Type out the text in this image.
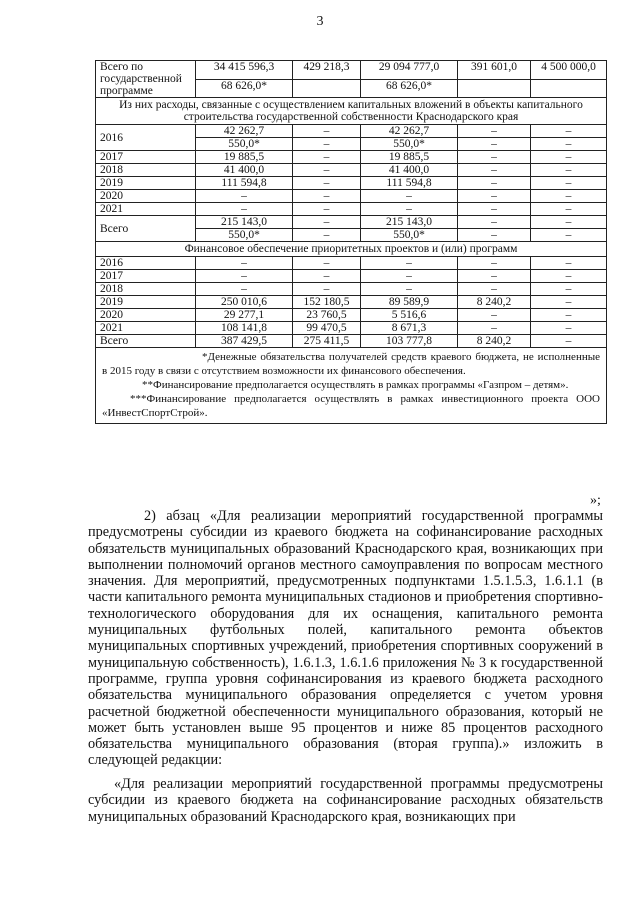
3
Всего по государственной программе	34 415 596,3	429 218,3	29 094 777,0	391 601,0	4 500 000,0
	68 626,0*		68 626,0*		
Из них расходы, связанные с осуществлением капитальных вложений в объекты капитального строительства государственной собственности Краснодарского края					
2016	42 262,7	–	42 262,7	–	–
	550,0*	–	550,0*	–	–
2017	19 885,5	–	19 885,5	–	–
2018	41 400,0	–	41 400,0	–	–
2019	111 594,8	–	111 594,8	–	–
2020	–	–	–	–	–
2021	–	–	–	–	–
Всего	215 143,0	–	215 143,0	–	–
	550,0*	–	550,0*	–	–
Финансовое обеспечение приоритетных проектов и (или) программ					
2016	–	–	–	–	–
2017	–	–	–	–	–
2018	–	–	–	–	–
2019	250 010,6	152 180,5	89 589,9	8 240,2	–
2020	29 277,1	23 760,5	5 516,6	–	–
2021	108 141,8	99 470,5	8 671,3	–	–
Всего	387 429,5	275 411,5	103 777,8	8 240,2	–

*Денежные обязательства получателей средств краевого бюджета, не исполненные в 2015 году в связи с отсутствием возможности их финансового обеспечения.
**Финансирование предполагается осуществлять в рамках программы «Газпром – детям».
***Финансирование предполагается осуществлять в рамках инвестиционного проекта ООО «ИнвестСпортСтрой».					
»;
2) абзац «Для реализации мероприятий государственной программы предусмотрены субсидии из краевого бюджета на софинансирование расходных обязательств муниципальных образований Краснодарского края, возникающих при выполнении полномочий органов местного самоуправления по вопросам местного значения. Для мероприятий, предусмотренных подпунктами 1.5.1.5.3, 1.6.1.1 (в части капитального ремонта муниципальных стадионов и приобретения спортивно-технологического оборудования для их оснащения, капитального ремонта муниципальных футбольных полей, капитального ремонта объектов муниципальных спортивных учреждений, приобретения спортивных сооружений в муниципальную собственность), 1.6.1.3, 1.6.1.6 приложения № 3 к государственной программе, группа уровня софинансирования из краевого бюджета расходного обязательства муниципального образования определяется с учетом уровня расчетной бюджетной обеспеченности муниципального образования, который не может быть установлен выше 95 процентов и ниже 85 процентов расходного обязательства муниципального образования (вторая группа).» изложить в следующей редакции:
«Для реализации мероприятий государственной программы предусмотрены субсидии из краевого бюджета на софинансирование расходных обязательств муниципальных образований Краснодарского края, возникающих при
